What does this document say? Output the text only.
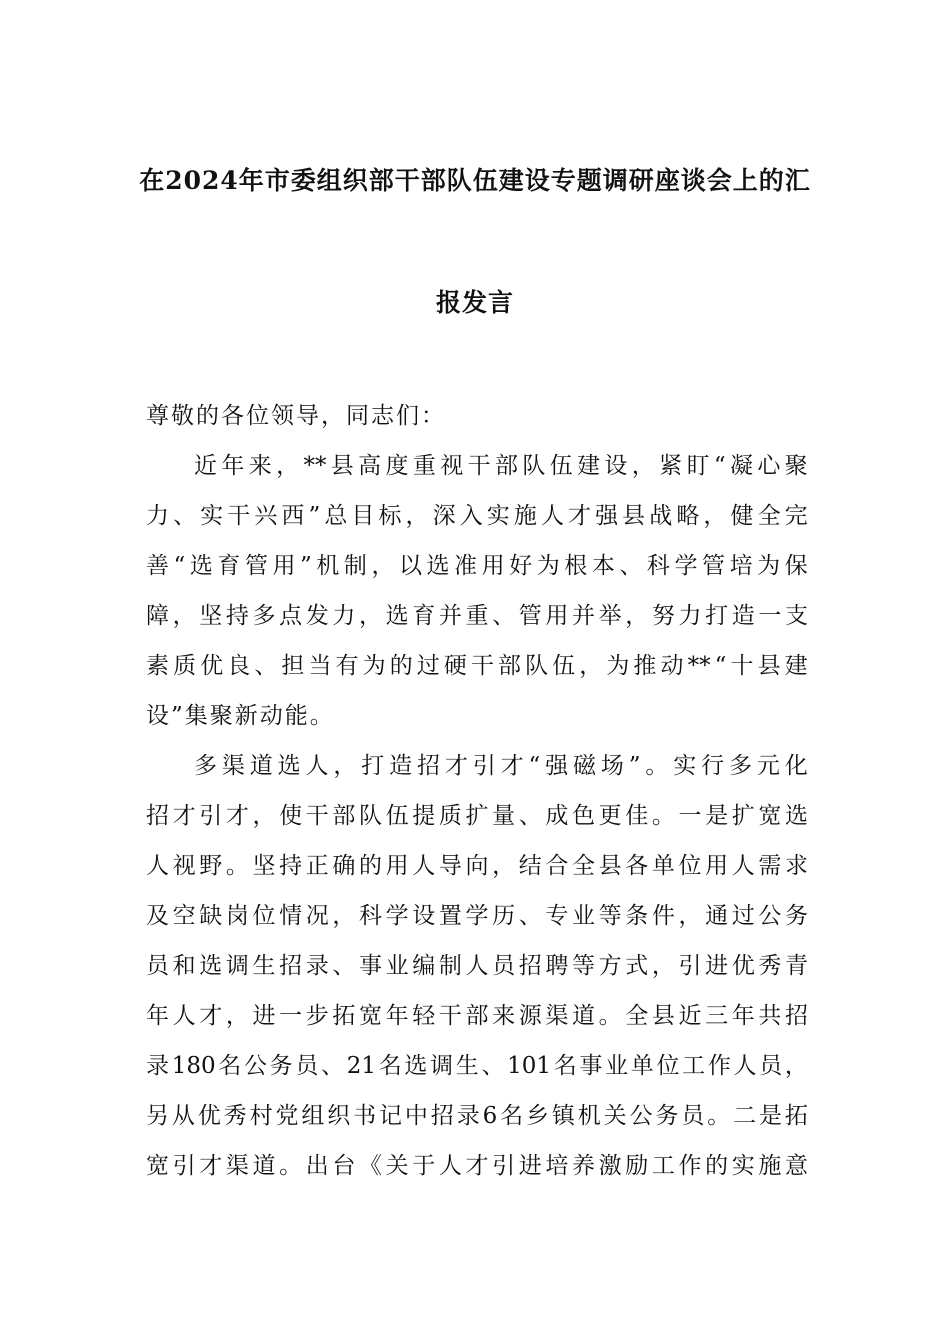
在2024年市委组织部干部队伍建设专题调研座谈会上的汇
报发言
尊敬的各位领导，同志们：
近 年 来 ， ** 县 高 度 重 视 干 部 队 伍 建 设 ， 紧 盯 “ 凝 心 聚
力 、 实 干 兴 西 ” 总 目 标 ， 深 入 实 施 人 才 强 县 战 略 ， 健 全 完
善 “ 选 育 管 用 ” 机 制 ， 以 选 准 用 好 为 根 本 、 科 学 管 培 为 保
障 ， 坚 持 多 点 发 力 ， 选 育 并 重 、 管 用 并 举 ， 努 力 打 造 一 支
素 质 优 良 、 担 当 有 为 的 过 硬 干 部 队 伍 ， 为 推 动 ** “ 十 县 建
设”集聚新动能。
多 渠 道 选 人 ， 打 造 招 才 引 才 “ 强 磁 场 ” 。 实 行 多 元 化
招 才 引 才 ， 使 干 部 队 伍 提 质 扩 量 、 成 色 更 佳 。 一 是 扩 宽 选
人 视 野 。 坚 持 正 确 的 用 人 导 向 ， 结 合 全 县 各 单 位 用 人 需 求
及 空 缺 岗 位 情 况 ， 科 学 设 置 学 历 、 专 业 等 条 件 ， 通 过 公 务
员 和 选 调 生 招 录 、 事 业 编 制 人 员 招 聘 等 方 式 ， 引 进 优 秀 青
年 人 才 ， 进 一 步 拓 宽 年 轻 干 部 来 源 渠 道 。 全 县 近 三 年 共 招
录 180 名 公 务 员 、 21 名 选 调 生 、 101 名 事 业 单 位 工 作 人 员 ，
另 从 优 秀 村 党 组 织 书 记 中 招 录 6 名 乡 镇 机 关 公 务 员 。 二 是 拓
宽 引 才 渠 道 。 出 台 《 关 于 人 才 引 进 培 养 激 励 工 作 的 实 施 意
